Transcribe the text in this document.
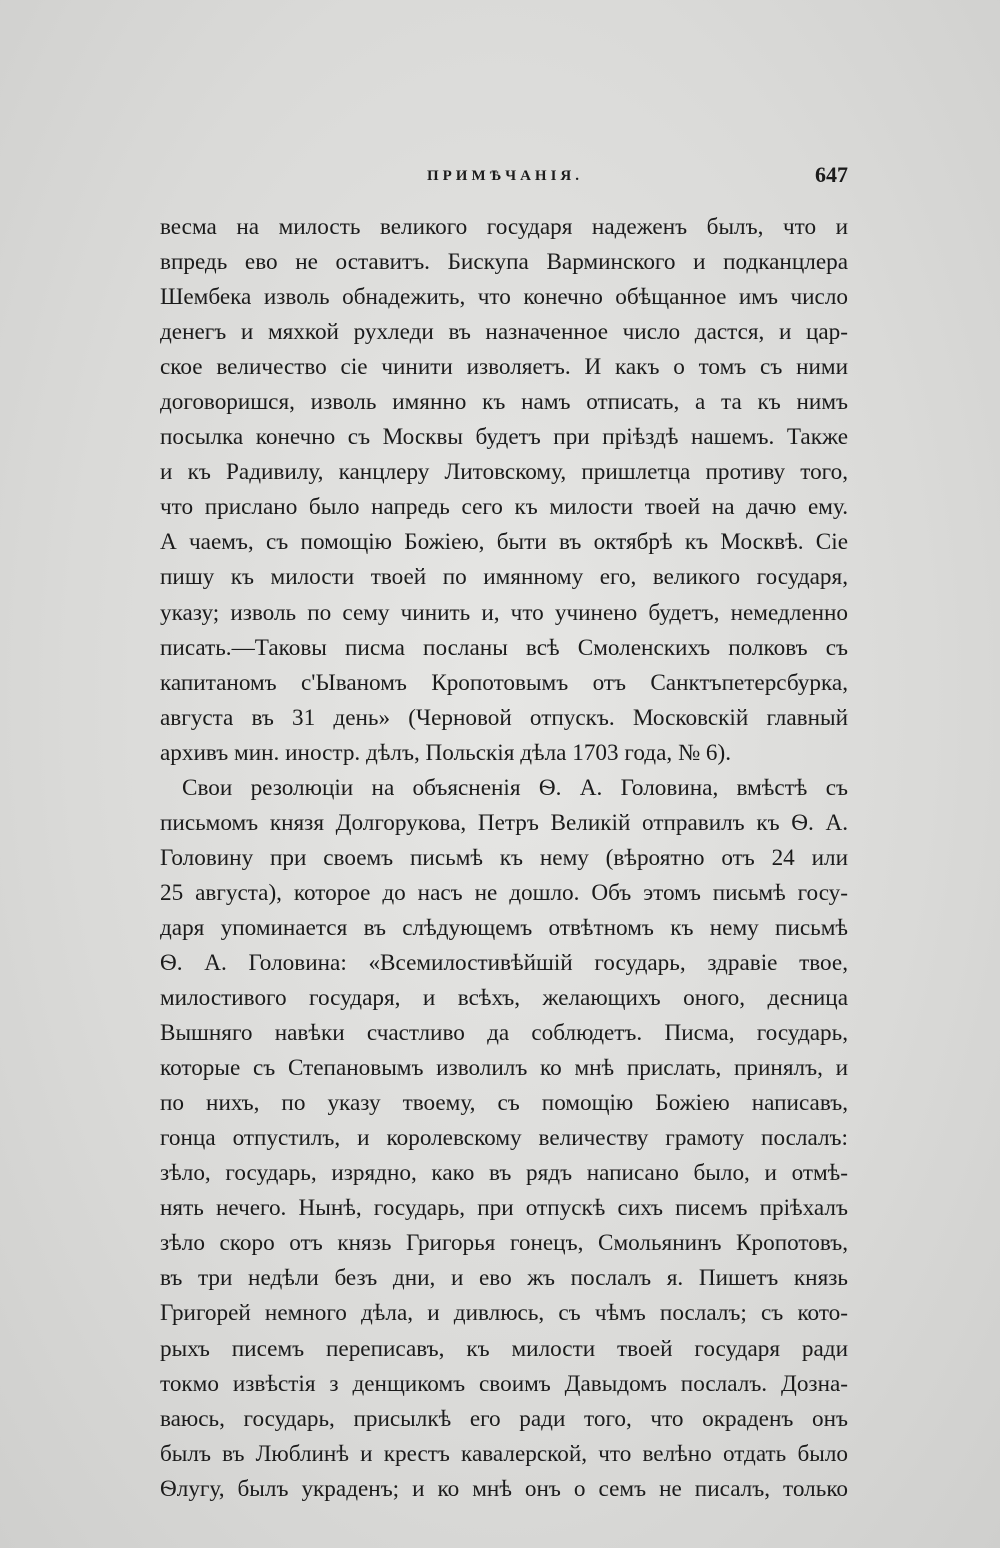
ПРИМѢЧАНІЯ.	647
весма на милость великого государя надеженъ былъ, что и
впредь ево не оставитъ. Бискупа Варминского и подканцлера
Шембека изволь обнадежить, что конечно обѣщанное имъ число
денегъ и мяхкой рухледи въ назначенное число дастся, и цар-
ское величество сіе чинити изволяетъ. И какъ о томъ съ ними
договоришся, изволь имянно къ намъ отписать, а та къ нимъ
посылка конечно съ Москвы будетъ при пріѣздѣ нашемъ. Также
и къ Радивилу, канцлеру Литовскому, пришлетца противу того,
что прислано было напредь сего къ милости твоей на дачю ему.
А чаемъ, съ помощію Божіею, быти въ октябрѣ къ Москвѣ. Сіе
пишу къ милости твоей по имянному его, великого государя,
указу; изволь по сему чинить и, что учинено будетъ, немедленно
писать.—Таковы писма посланы всѣ Смоленскихъ полковъ съ
капитаномъ с'Ываномъ Кропотовымъ отъ Санктъпетерсбурка,
августа въ 31 день» (Черновой отпускъ. Московскій главный
архивъ мин. иностр. дѣлъ, Польскія дѣла 1703 года, № 6).
Свои резолюціи на объясненія Ѳ. А. Головина, вмѣстѣ съ
письмомъ князя Долгорукова, Петръ Великій отправилъ къ Ѳ. А.
Головину при своемъ письмѣ къ нему (вѣроятно отъ 24 или
25 августа), которое до насъ не дошло. Объ этомъ письмѣ госу-
даря упоминается въ слѣдующемъ отвѣтномъ къ нему письмѣ
Ѳ. А. Головина: «Всемилостивѣйшій государь, здравіе твое,
милостивого государя, и всѣхъ, желающихъ оного, десница
Вышняго навѣки счастливо да соблюдетъ. Писма, государь,
которые съ Степановымъ изволилъ ко мнѣ прислать, принялъ, и
по нихъ, по указу твоему, съ помощію Божіею написавъ,
гонца отпустилъ, и королевскому величеству грамоту послалъ:
зѣло, государь, изрядно, како въ рядъ написано было, и отмѣ-
нять нечего. Нынѣ, государь, при отпускѣ сихъ писемъ пріѣхалъ
зѣло скоро отъ князь Григорья гонецъ, Смольянинъ Кропотовъ,
въ три недѣли безъ дни, и ево жъ послалъ я. Пишетъ князь
Григорей немного дѣла, и дивлюсь, съ чѣмъ послалъ; съ кото-
рыхъ писемъ переписавъ, къ милости твоей государя ради
токмо извѣстія з денщикомъ своимъ Давыдомъ послалъ. Дозна-
ваюсь, государь, присылкѣ его ради того, что окраденъ онъ
былъ въ Люблинѣ и крестъ кавалерской, что велѣно отдать было
Ѳлугу, былъ украденъ; и ко мнѣ онъ о семъ не писалъ, только
